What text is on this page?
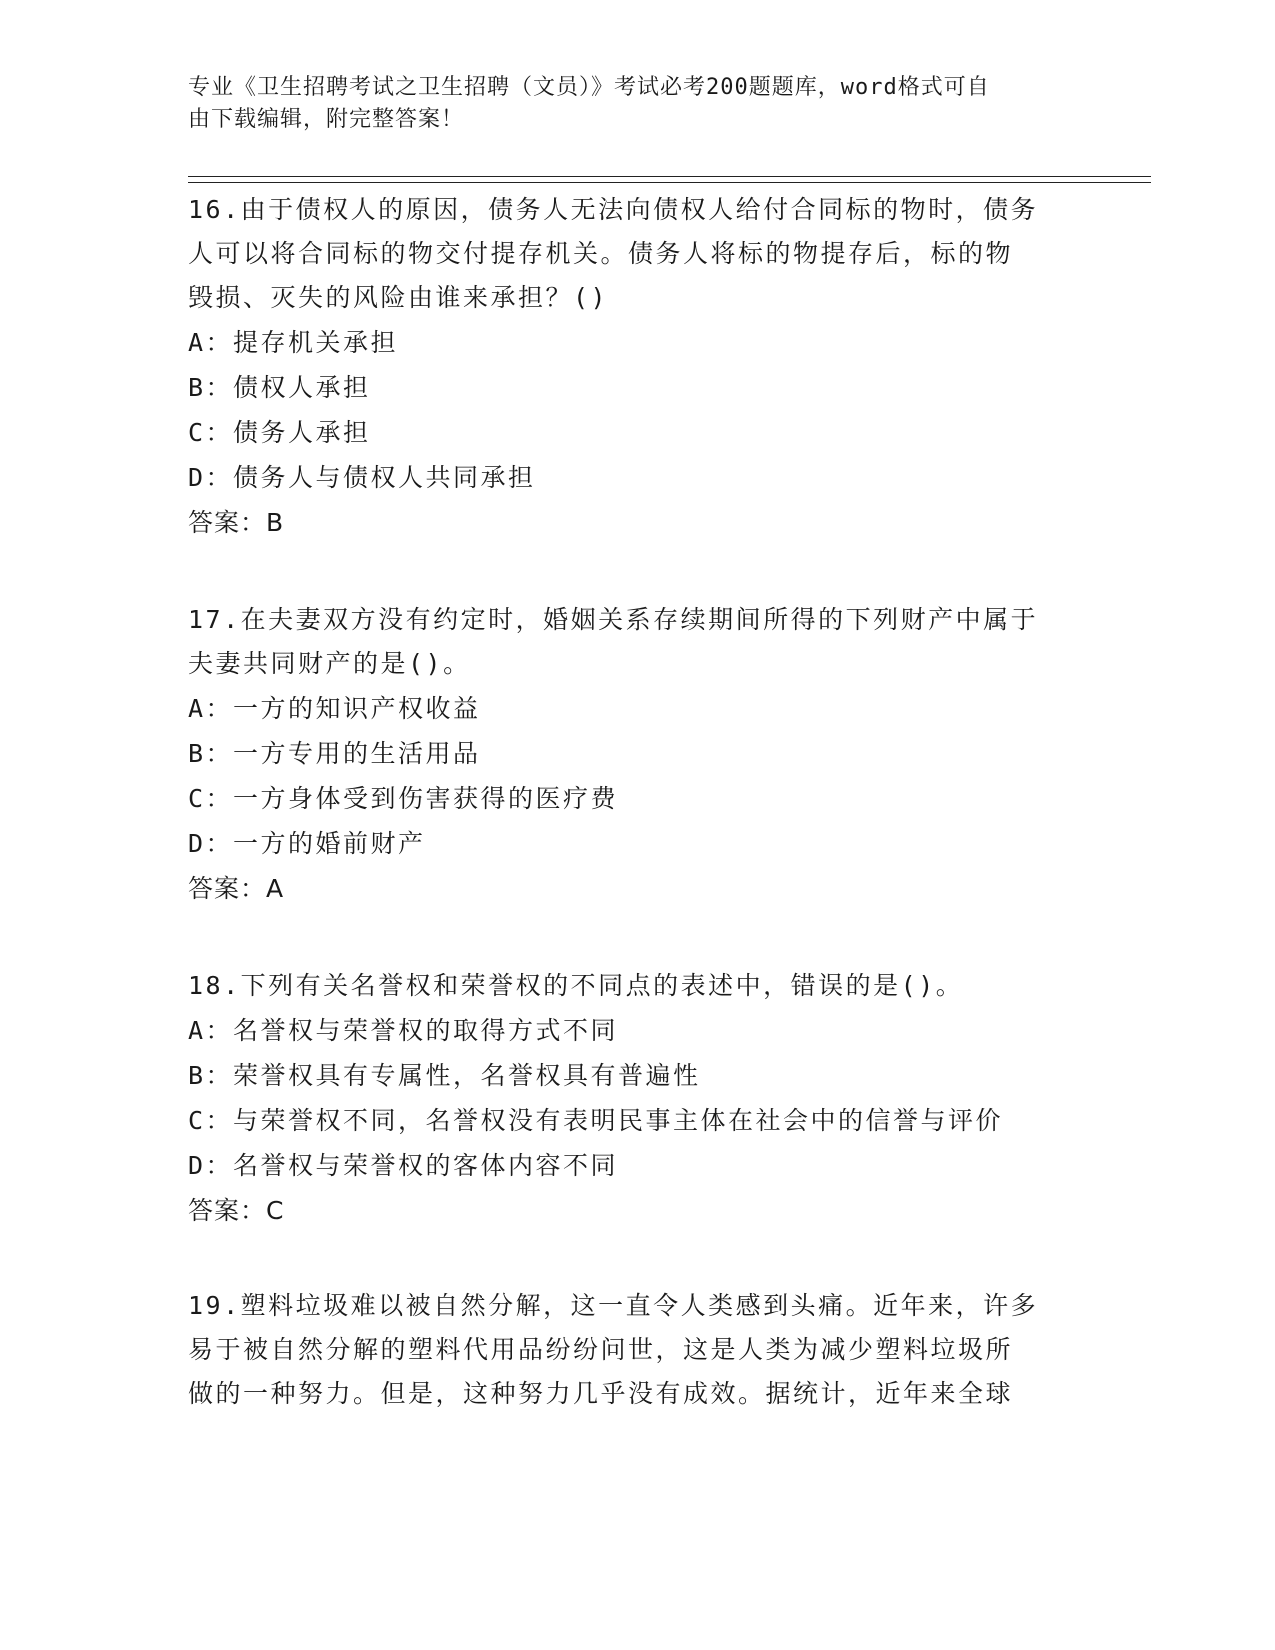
专业《卫生招聘考试之卫生招聘（文员）》考试必考200题题库，word格式可自
由下载编辑，附完整答案！
16.由于债权人的原因，债务人无法向债权人给付合同标的物时，债务
人可以将合同标的物交付提存机关。债务人将标的物提存后，标的物
毁损、灭失的风险由谁来承担？()
A：提存机关承担
B：债权人承担
C：债务人承担
D：债务人与债权人共同承担
答案：B
17.在夫妻双方没有约定时，婚姻关系存续期间所得的下列财产中属于
夫妻共同财产的是()。
A：一方的知识产权收益
B：一方专用的生活用品
C：一方身体受到伤害获得的医疗费
D：一方的婚前财产
答案：A
18.下列有关名誉权和荣誉权的不同点的表述中，错误的是()。
A：名誉权与荣誉权的取得方式不同
B：荣誉权具有专属性，名誉权具有普遍性
C：与荣誉权不同，名誉权没有表明民事主体在社会中的信誉与评价
D：名誉权与荣誉权的客体内容不同
答案：C
19.塑料垃圾难以被自然分解，这一直令人类感到头痛。近年来，许多
易于被自然分解的塑料代用品纷纷问世，这是人类为减少塑料垃圾所
做的一种努力。但是，这种努力几乎没有成效。据统计，近年来全球
